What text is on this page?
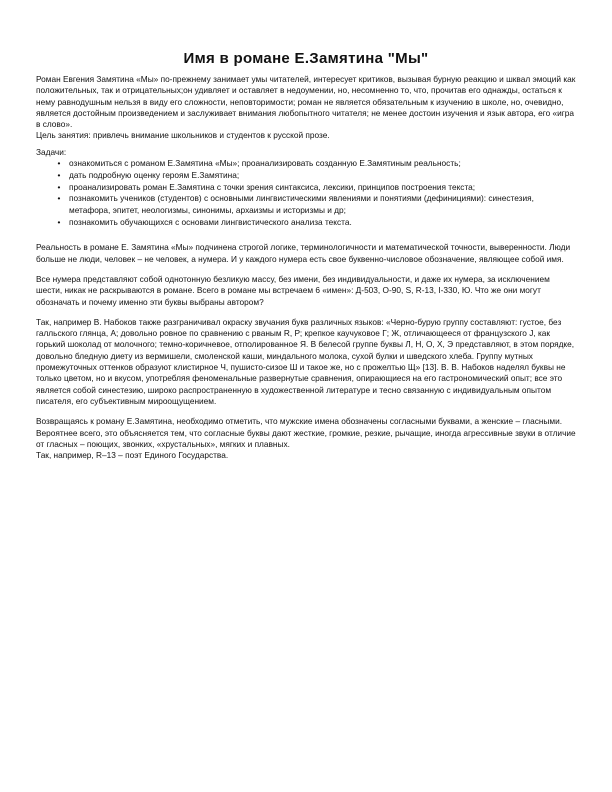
Имя в романе Е.Замятина "Мы"

Роман Евгения Замятина «Мы» по-прежнему занимает умы читателей, интересует критиков, вызывая бурную реакцию и шквал эмоций как положительных, так и отрицательных;он удивляет и оставляет в недоумении, но, несомненно то, что, прочитав его однажды, остаться к нему равнодушным нельзя в виду его сложности, неповторимости; роман не является обязательным к изучению в школе, но, очевидно, является достойным произведением и заслуживает внимания любопытного читателя; не менее достоин изучения и язык автора, его «игра в слово».

Цель занятия: привлечь внимание школьников и студентов к русской прозе.

Задачи:

•	ознакомиться с романом Е.Замятина «Мы»; проанализировать созданную Е.Замятиным реальность;
•	дать подробную оценку героям Е.Замятина;
•	проанализировать роман Е.Замятина с точки зрения синтаксиса, лексики, принципов построения текста;
•	познакомить учеников (студентов) с основными лингвистическими явлениями и понятиями (дефинициями): синестезия, метафора, эпитет, неологизмы, синонимы, архаизмы и историзмы и др;
•	познакомить обучающихся с основами лингвистического анализа текста.

Реальность в романе Е. Замятина «Мы» подчинена строгой логике, терминологичности и математической точности, выверенности. Люди больше не люди, человек – не человек, а нумера. И у каждого нумера есть свое буквенно-числовое обозначение, являющее собой имя.

Все нумера представляют собой однотонную безликую массу, без имени, без индивидуальности, и даже их нумера, за исключением шести, никак не раскрываются в романе. Всего в романе мы встречаем 6 «имен»: Д-503, О-90, S, R-13, I-330, Ю. Что же они могут обозначать и почему именно эти буквы выбраны автором?

Так, например В. Набоков также разграничивал окраску звучания букв различных языков: «Черно-бурую группу составляют: густое, без галльского глянца, А; довольно ровное по сравнению с рваным R, Р; крепкое каучуковое Г; Ж, отличающееся от французского J, как горький шоколад от молочного; темно-коричневое, отполированное Я. В белесой группе буквы Л, Н, О, Х, Э представляют, в этом порядке, довольно бледную диету из вермишели, смоленской каши, миндального молока, сухой булки и шведского хлеба. Группу мутных промежуточных оттенков образуют клистирное Ч, пушисто-сизое Ш и такое же, но с прожелтью Щ» [13]. В. В. Набоков наделял буквы не только цветом, но и вкусом, употребляя феноменальные развернутые сравнения, опирающиеся на его гастрономический опыт; все это является собой синестезию, широко распространенную в художественной литературе и тесно связанную с индивидуальным опытом писателя, его субъективным мироощущением.

Возвращаясь к роману Е.Замятина, необходимо отметить, что мужские имена обозначены согласными буквами, а женские – гласными. Вероятнее всего, это объясняется тем, что согласные буквы дают жесткие, громкие, резкие, рычащие, иногда агрессивные звуки в отличие от гласных – поющих, звонких, «хрустальных», мягких и плавных.

Так, например, R–13 – поэт Единого Государства.
